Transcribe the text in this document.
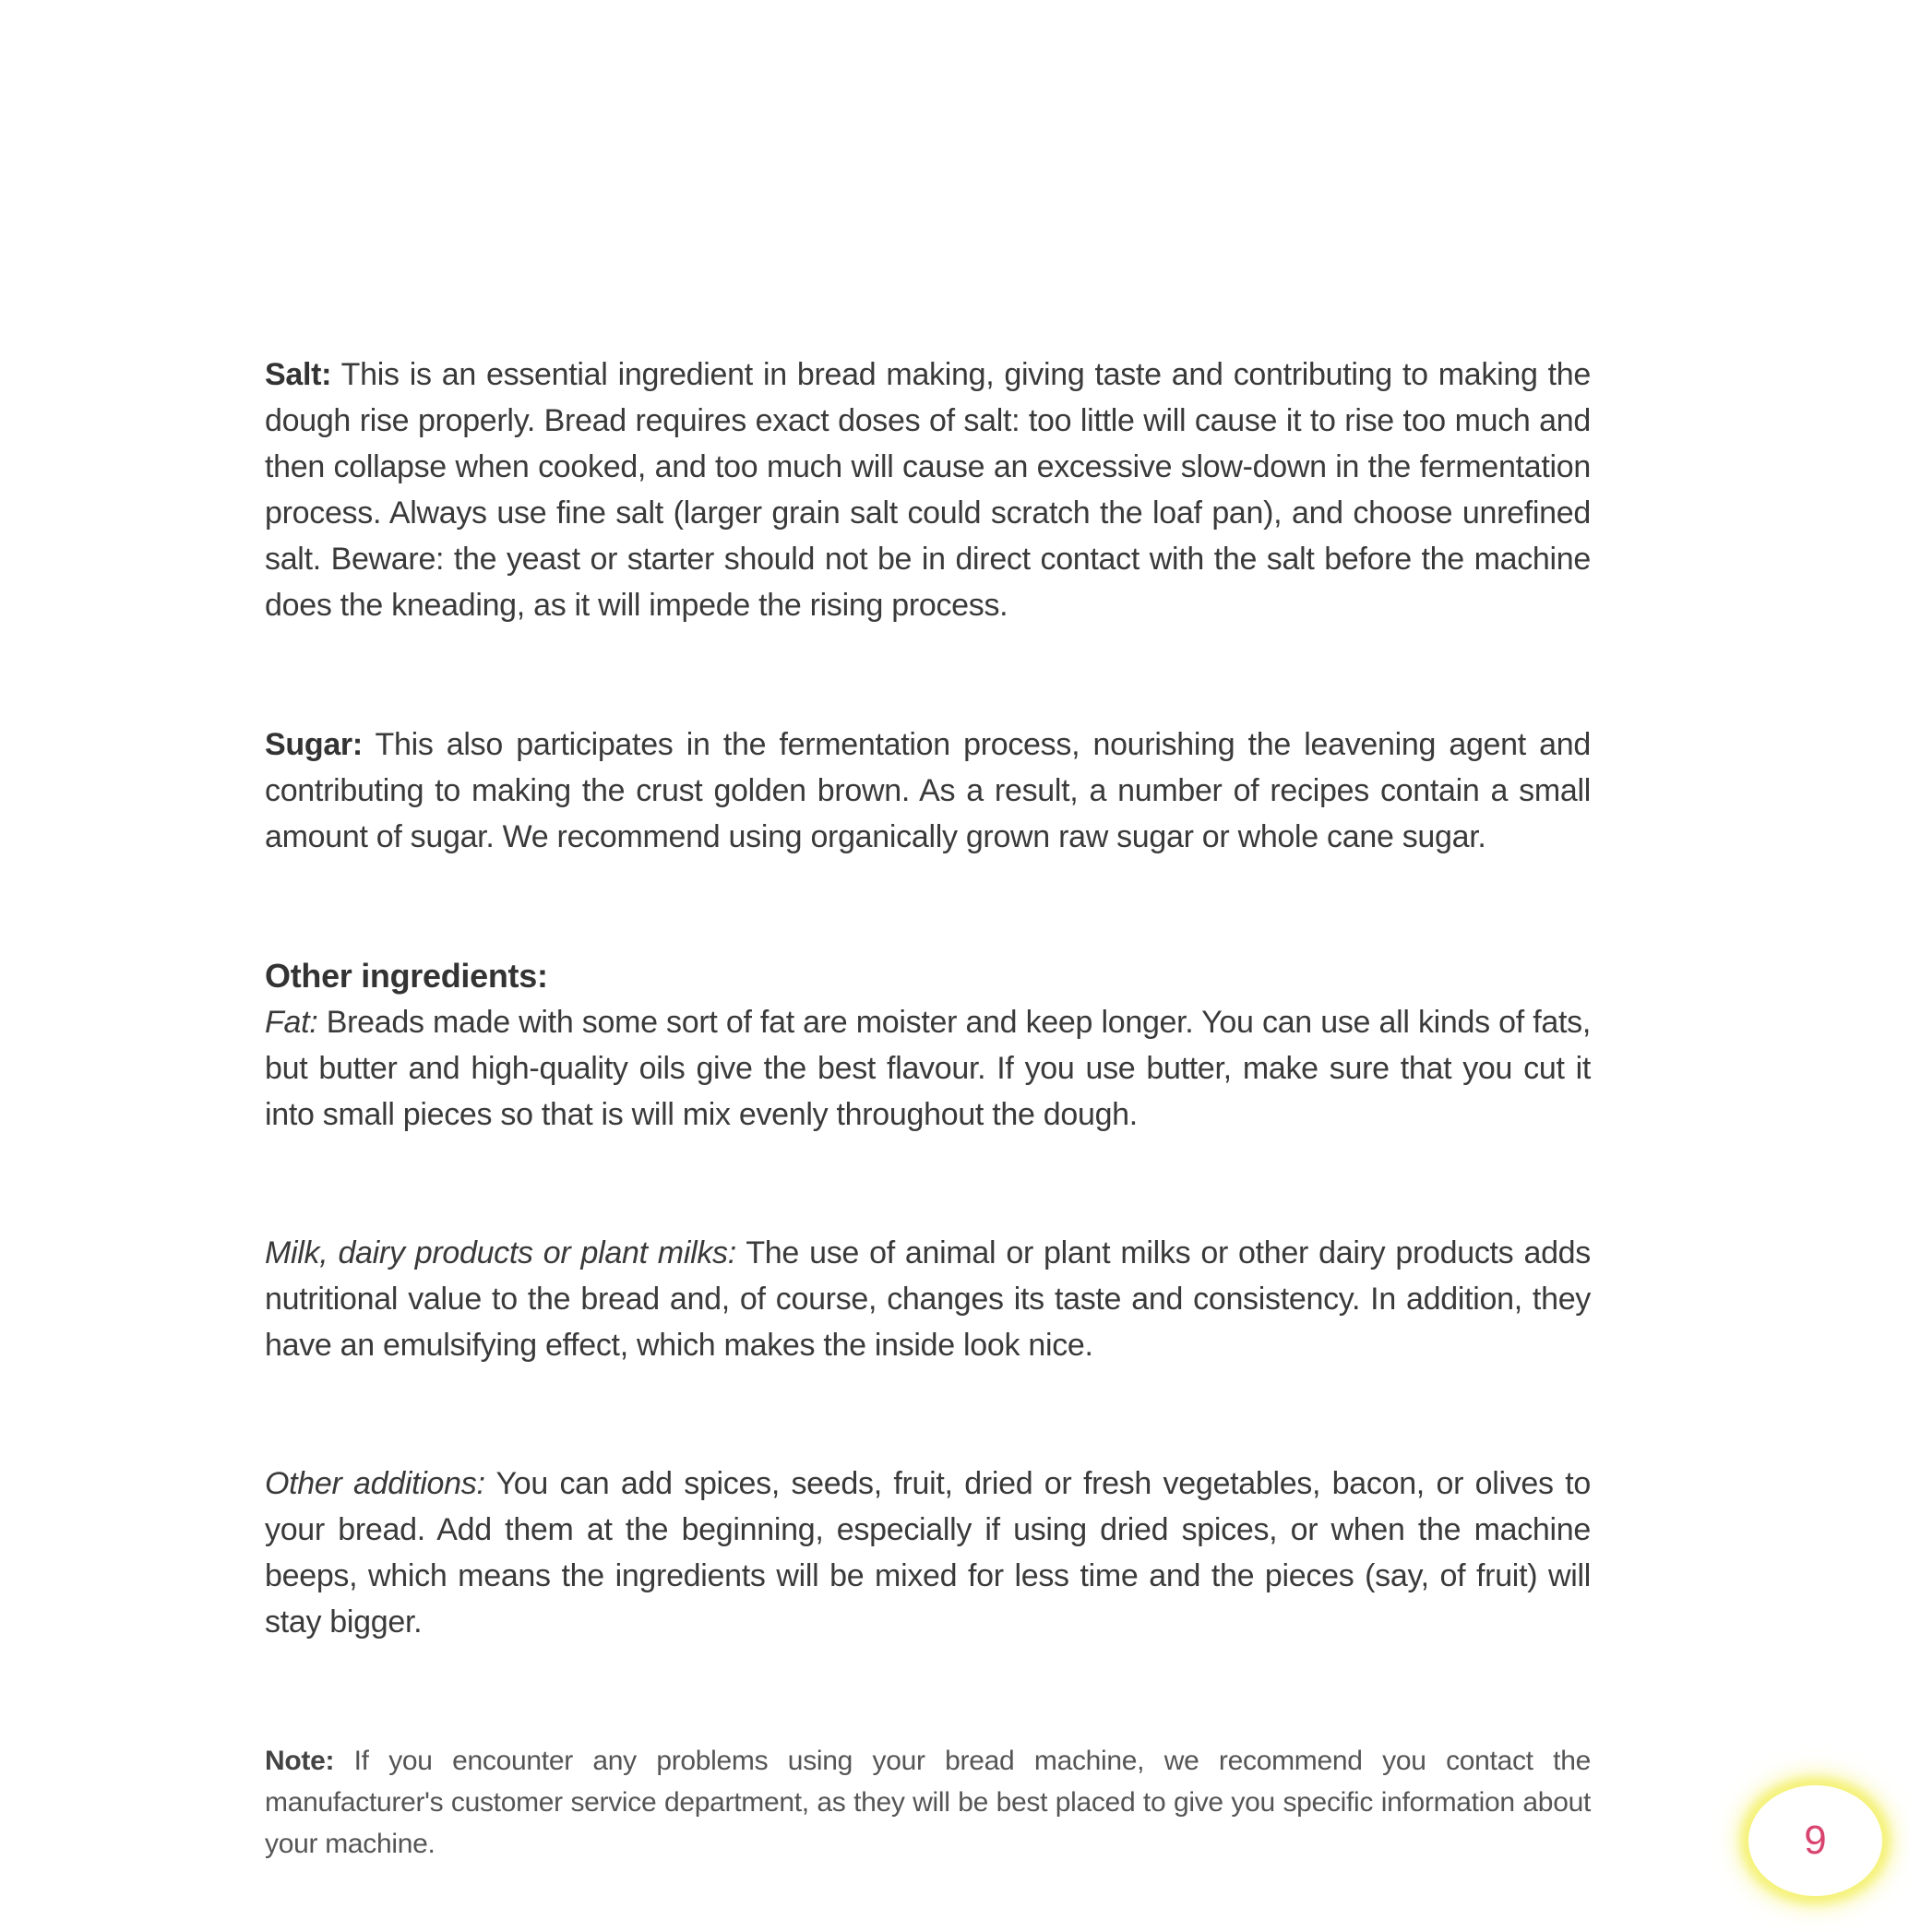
Salt: This is an essential ingredient in bread making, giving taste and contributing to making the dough rise properly. Bread requires exact doses of salt: too little will cause it to rise too much and then collapse when cooked, and too much will cause an excessive slow-down in the fermentation process. Always use fine salt (larger grain salt could scratch the loaf pan), and choose unrefined salt. Beware: the yeast or starter should not be in direct contact with the salt before the machine does the kneading, as it will impede the rising process.

Sugar: This also participates in the fermentation process, nourishing the leavening agent and contributing to making the crust golden brown. As a result, a number of recipes contain a small amount of sugar. We recommend using organically grown raw sugar or whole cane sugar.

Other ingredients:

Fat: Breads made with some sort of fat are moister and keep longer. You can use all kinds of fats, but butter and high-quality oils give the best flavour. If you use butter, make sure that you cut it into small pieces so that is will mix evenly throughout the dough.

Milk, dairy products or plant milks: The use of animal or plant milks or other dairy products adds nutritional value to the bread and, of course, changes its taste and consistency. In addition, they have an emulsifying effect, which makes the inside look nice.

Other additions: You can add spices, seeds, fruit, dried or fresh vegetables, bacon, or olives to your bread. Add them at the beginning, especially if using dried spices, or when the machine beeps, which means the ingredients will be mixed for less time and the pieces (say, of fruit) will stay bigger.

Note: If you encounter any problems using your bread machine, we recommend you contact the manufacturer's customer service department, as they will be best placed to give you specific information about your machine.	9
